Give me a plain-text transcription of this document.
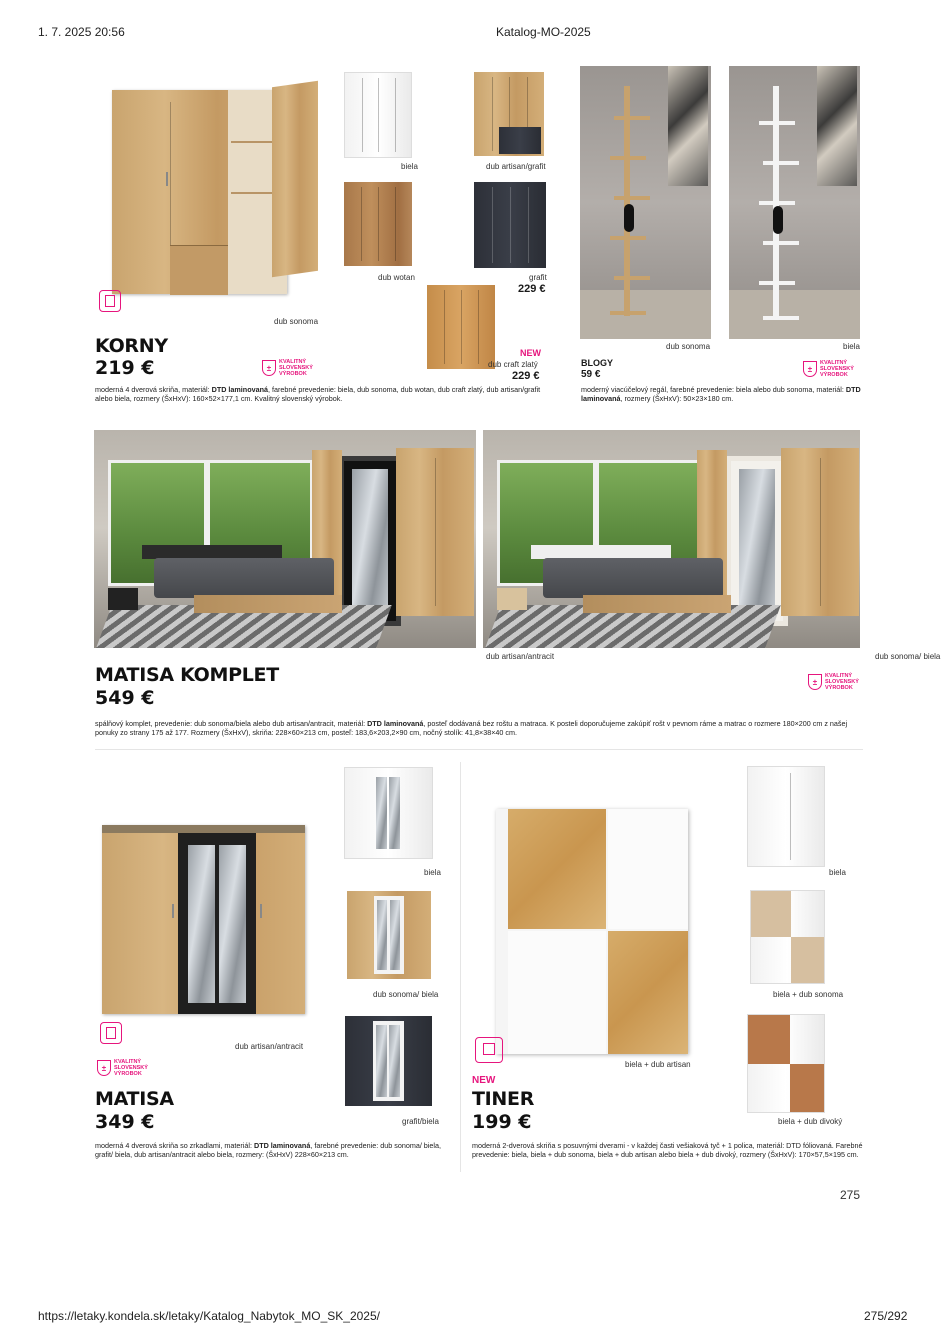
1. 7. 2025 20:56	Katalog-MO-2025
dub sonoma
biela	dub artisan/grafit
dub wotan	grafit
229 €
NEW
dub craft zlatý
229 €
KORNY
219 €	±
KVALITNÝ
SLOVENSKÝ
VÝROBOK
moderná 4 dverová skriňa, materiál: DTD laminovaná, farebné prevedenie: biela, dub sonoma, dub wotan, dub craft zlatý, dub artisan/grafit alebo biela, rozmery (ŠxHxV): 160×52×177,1 cm. Kvalitný slovenský výrobok.
dub sonoma	biela
BLOGY
59 €	±
KVALITNÝ
SLOVENSKÝ
VÝROBOK
moderný viacúčelový regál, farebné prevedenie: biela alebo dub sonoma, materiál: DTD laminovaná, rozmery (ŠxHxV): 50×23×180 cm.
dub artisan/antracit	dub sonoma/ biela
MATISA KOMPLET
549 €
±
KVALITNÝ
SLOVENSKÝ
VÝROBOK
spálňový komplet, prevedenie: dub sonoma/biela alebo dub artisan/antracit, materiál: DTD laminovaná, posteľ dodávaná bez roštu a matraca. K posteli doporučujeme zakúpiť rošt v pevnom ráme a matrac o rozmere 180×200 cm z našej ponuky zo strany 175 až 177. Rozmery (ŠxHxV), skriňa: 228×60×213 cm, posteľ: 183,6×203,2×90 cm, nočný stolík: 41,8×38×40 cm.
dub artisan/antracit
biela
dub sonoma/ biela
grafit/biela
±
KVALITNÝ
SLOVENSKÝ
VÝROBOK
MATISA
349 €
moderná 4 dverová skriňa so zrkadlami, materiál: DTD laminovaná, farebné prevedenie: dub sonoma/ biela, grafit/ biela, dub artisan/antracit alebo biela, rozmery: (ŠxHxV) 228×60×213 cm.
biela + dub artisan
biela
biela + dub sonoma
biela + dub divoký
NEW
TINER
199 €
moderná 2-dverová skriňa s posuvnými dverami - v každej časti vešiaková tyč + 1 polica, materiál: DTD fóliovaná. Farebné prevedenie: biela, biela + dub sonoma, biela + dub artisan alebo biela + dub divoký, rozmery (ŠxHxV): 170×57,5×195 cm.
275
https://letaky.kondela.sk/letaky/Katalog_Nabytok_MO_SK_2025/	275/292
